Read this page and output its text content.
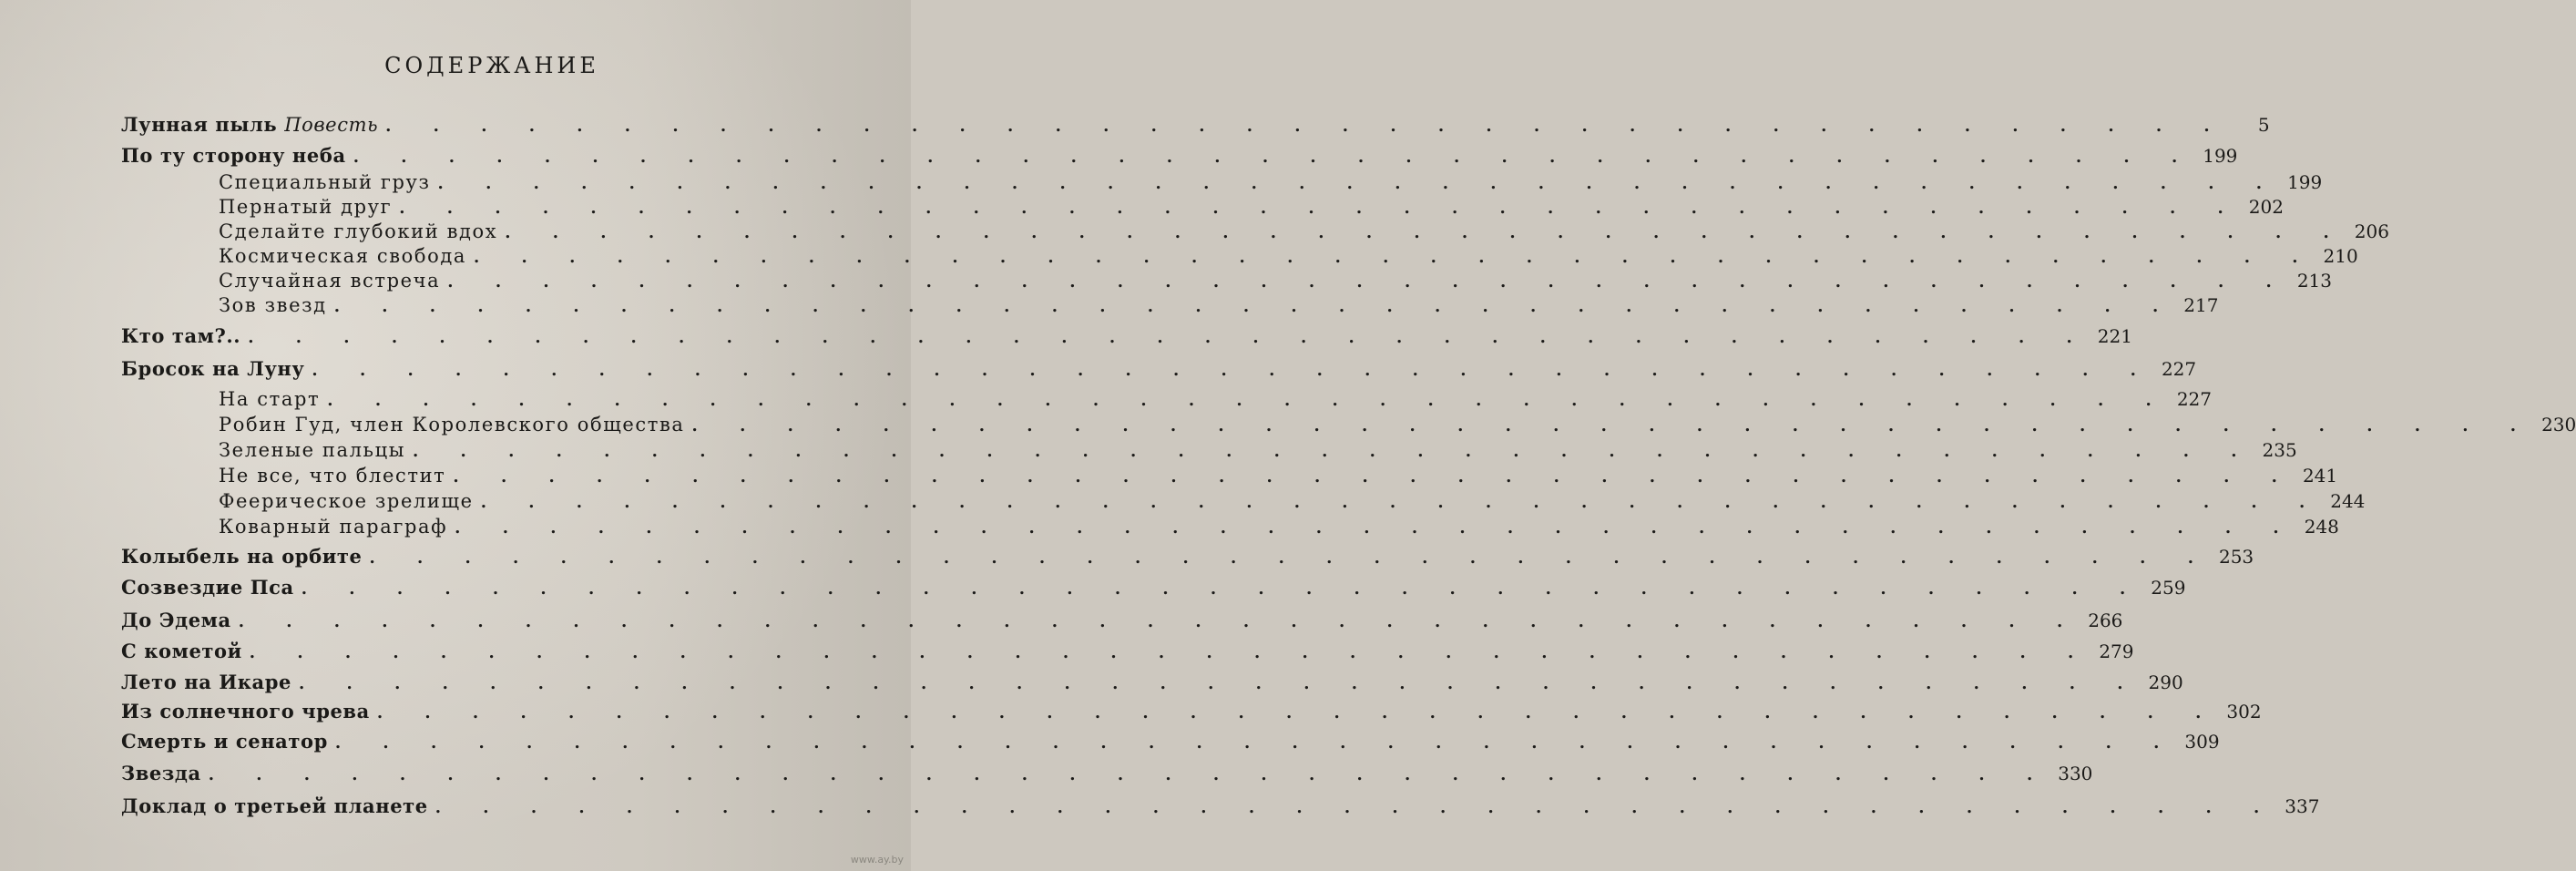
СОДЕРЖАНИЕ
Лунная пыль Повесть . . . . . . . . . . . . . . . . . . . . . . . . . . . . . . . . . . . . . . .	5
По ту сторону неба . . . . . . . . . . . . . . . . . . . . . . . . . . . . . . . . . . . . . . . 199
Специальный груз . . . . . . . . . . . . . . . . . . . . . . . . . . . . . . . . . . . . . . . 199
Пернатый друг . . . . . . . . . . . . . . . . . . . . . . . . . . . . . . . . . . . . . . . 202
Сделайте глубокий вдох . . . . . . . . . . . . . . . . . . . . . . . . . . . . . . . . . . . . . . . 206
Космическая свобода . . . . . . . . . . . . . . . . . . . . . . . . . . . . . . . . . . . . . . . 210
Случайная встреча . . . . . . . . . . . . . . . . . . . . . . . . . . . . . . . . . . . . . . . 213
Зов звезд . . . . . . . . . . . . . . . . . . . . . . . . . . . . . . . . . . . . . . . 217
Кто там?.. . . . . . . . . . . . . . . . . . . . . . . . . . . . . . . . . . . . . . . . 221
Бросок на Луну . . . . . . . . . . . . . . . . . . . . . . . . . . . . . . . . . . . . . . . 227
На старт . . . . . . . . . . . . . . . . . . . . . . . . . . . . . . . . . . . . . . . 227
Робин Гуд, член Королевского общества . . . . . . . . . . . . . . . . . . . . . . . . . . . . . . . . . . . . . . . 230
Зеленые пальцы . . . . . . . . . . . . . . . . . . . . . . . . . . . . . . . . . . . . . . . 235
Не все, что блестит . . . . . . . . . . . . . . . . . . . . . . . . . . . . . . . . . . . . . . . 241
Феерическое зрелище . . . . . . . . . . . . . . . . . . . . . . . . . . . . . . . . . . . . . . . 244
Коварный параграф . . . . . . . . . . . . . . . . . . . . . . . . . . . . . . . . . . . . . . . 248
Колыбель на орбите . . . . . . . . . . . . . . . . . . . . . . . . . . . . . . . . . . . . . . . 253
Созвездие Пса . . . . . . . . . . . . . . . . . . . . . . . . . . . . . . . . . . . . . . . 259
До Эдема . . . . . . . . . . . . . . . . . . . . . . . . . . . . . . . . . . . . . . . 266
С кометой . . . . . . . . . . . . . . . . . . . . . . . . . . . . . . . . . . . . . . . 279
Лето на Икаре . . . . . . . . . . . . . . . . . . . . . . . . . . . . . . . . . . . . . . . 290
Из солнечного чрева . . . . . . . . . . . . . . . . . . . . . . . . . . . . . . . . . . . . . . . 302
Смерть и сенатор . . . . . . . . . . . . . . . . . . . . . . . . . . . . . . . . . . . . . . . 309
Звезда . . . . . . . . . . . . . . . . . . . . . . . . . . . . . . . . . . . . . . . 330
Доклад о третьей планете . . . . . . . . . . . . . . . . . . . . . . . . . . . . . . . . . . . . . . . 337
www.ay.by
